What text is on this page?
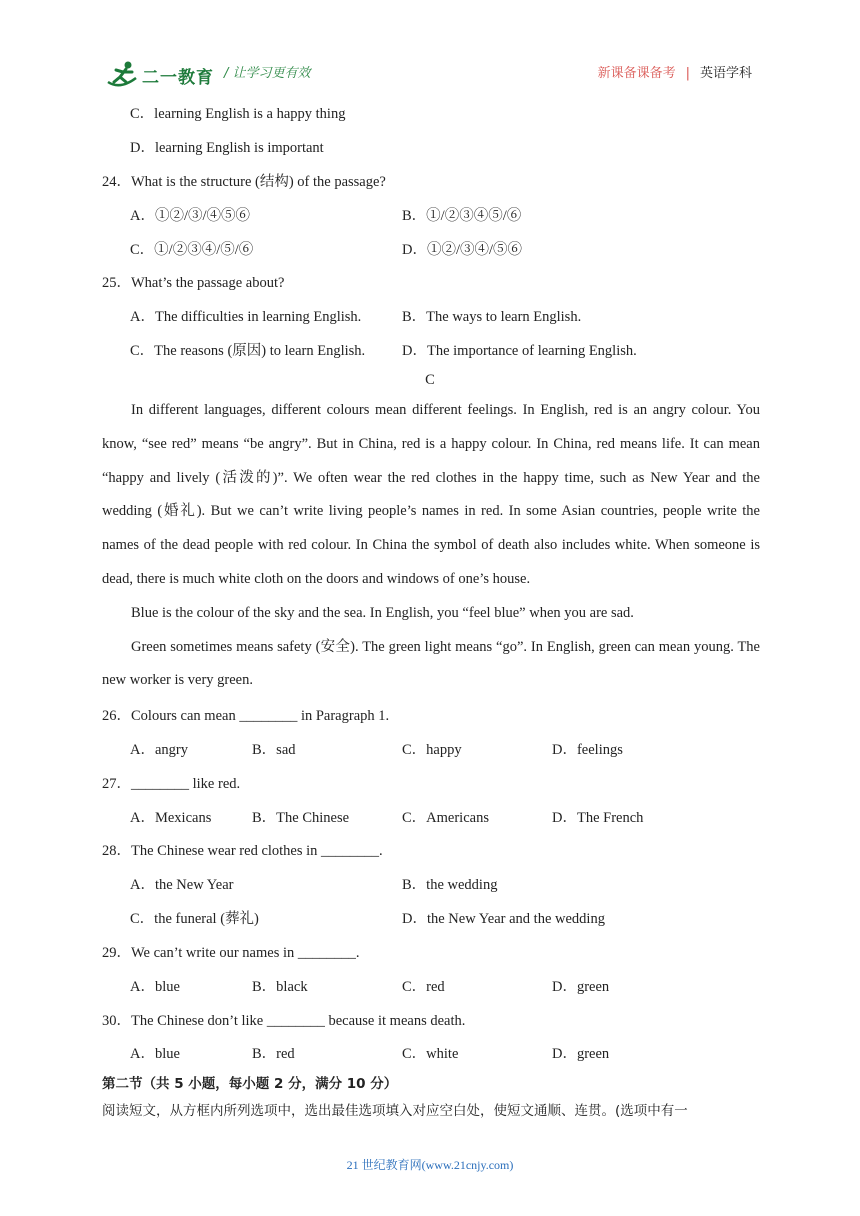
二一教育 / 让学习更有效	新课备课备考 | 英语学科
C．learning English is a happy thing
D．learning English is important
24．What is the structure (结构) of the passage?
A．①②/③/④⑤⑥	B．①/②③④⑤/⑥
C．①/②③④/⑤/⑥	D．①②/③④/⑤⑥
25．What’s the passage about?
A．The difficulties in learning English.	B．The ways to learn English.
C．The reasons (原因) to learn English.	D．The importance of learning English.
C

In different languages, different colours mean different feelings. In English, red is an angry colour. You know, “see red” means “be angry”. But in China, red is a happy colour. In China, red means life. It can mean “happy and lively (活泼的)”. We often wear the red clothes in the happy time, such as New Year and the wedding (婚礼). But we can’t write living people’s names in red. In some Asian countries, people write the names of the dead people with red colour. In China the symbol of death also includes white. When someone is dead, there is much white cloth on the doors and windows of one’s house.

Blue is the colour of the sky and the sea. In English, you “feel blue” when you are sad.

Green sometimes means safety (安全). The green light means “go”. In English, green can mean young. The new worker is very green.

26．Colours can mean ________ in Paragraph 1.
A．angry	B．sad	C．happy	D．feelings
27．________ like red.
A．Mexicans	B．The Chinese	C．Americans	D．The French
28．The Chinese wear red clothes in ________.
A．the New Year	B．the wedding
C．the funeral (葬礼)	D．the New Year and the wedding
29．We can’t write our names in ________.
A．blue	B．black	C．red	D．green
30．The Chinese don’t like ________ because it means death.
A．blue	B．red	C．white	D．green
第二节（共 5 小题，每小题 2 分，满分 10 分）
阅读短文，从方框内所列选项中，选出最佳选项填入对应空白处，使短文通顺、连贯。(选项中有一
21 世纪教育网(www.21cnjy.com)
